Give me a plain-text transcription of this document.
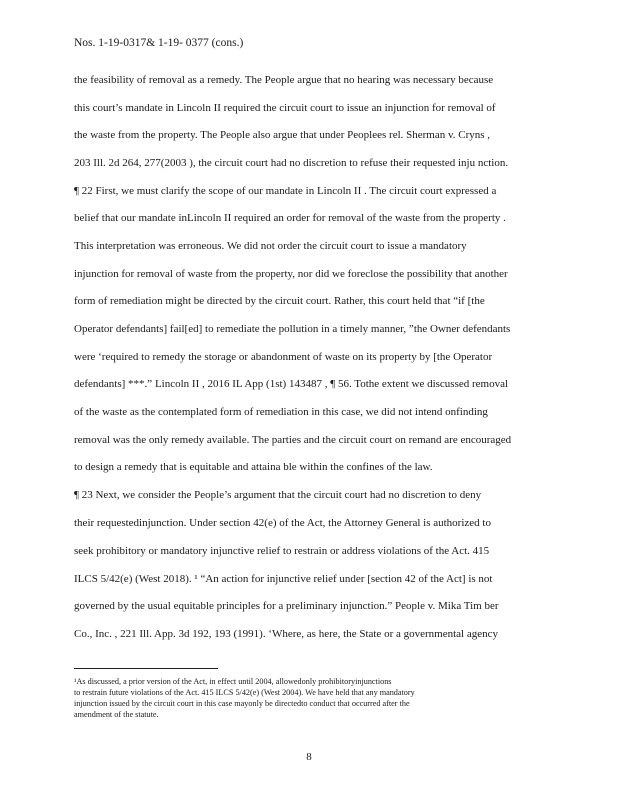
Nos. 1-19-0317& 1-19- 0377 (cons.)
the feasibility of removal as a remedy. The People argue that no hearing was necessary because
this court’s mandate in Lincoln II required the circuit court to issue an injunction for removal of
the waste from the property. The People also argue that under Peoplees rel. Sherman v. Cryns ,
203 Ill. 2d 264, 277(2003 ), the circuit court had no discretion to refuse their requested inju nction.
¶ 22 First, we must clarify the scope of our mandate in Lincoln II . The circuit court expressed a
belief that our mandate inLincoln II required an order for removal of the waste from the property .
This interpretation was erroneous. We did not order the circuit court to issue a mandatory
injunction for removal of waste from the property, nor did we foreclose the possibility that another
form of remediation might be directed by the circuit court. Rather, this court held that “if [the
Operator defendants] fail[ed] to remediate the pollution in a timely manner, ”the Owner defendants
were ‘required to remedy the storage or abandonment of waste on its property by [the Operator
defendants] ***.” Lincoln II , 2016 IL App (1st) 143487 , ¶ 56. Tothe extent we discussed removal
of the waste as the contemplated form of remediation in this case, we did not intend onfinding
removal was the only remedy available. The parties and the circuit court on remand are encouraged
to design a remedy that is equitable and attaina ble within the confines of the law.
¶ 23 Next, we consider the People’s argument that the circuit court had no discretion to deny
their requestedinjunction. Under section 42(e) of the Act, the Attorney General is authorized to
seek prohibitory or mandatory injunctive relief to restrain or address violations of the Act. 415
ILCS 5/42(e) (West 2018). ¹ “An action for injunctive relief under [section 42 of the Act] is not
governed by the usual equitable principles for a preliminary injunction.” People v. Mika Tim ber
Co., Inc. , 221 Ill. App. 3d 192, 193 (1991). ‘Where, as here, the State or a governmental agency
¹As discussed, a prior version of the Act, in effect until 2004, allowedonly prohibitoryinjunctions
to restrain future violations of the Act. 415 ILCS 5/42(e) (West 2004). We have held that any mandatory
injunction issued by the circuit court in this case mayonly be directedto conduct that occurred after the
amendment of the statute.
8
